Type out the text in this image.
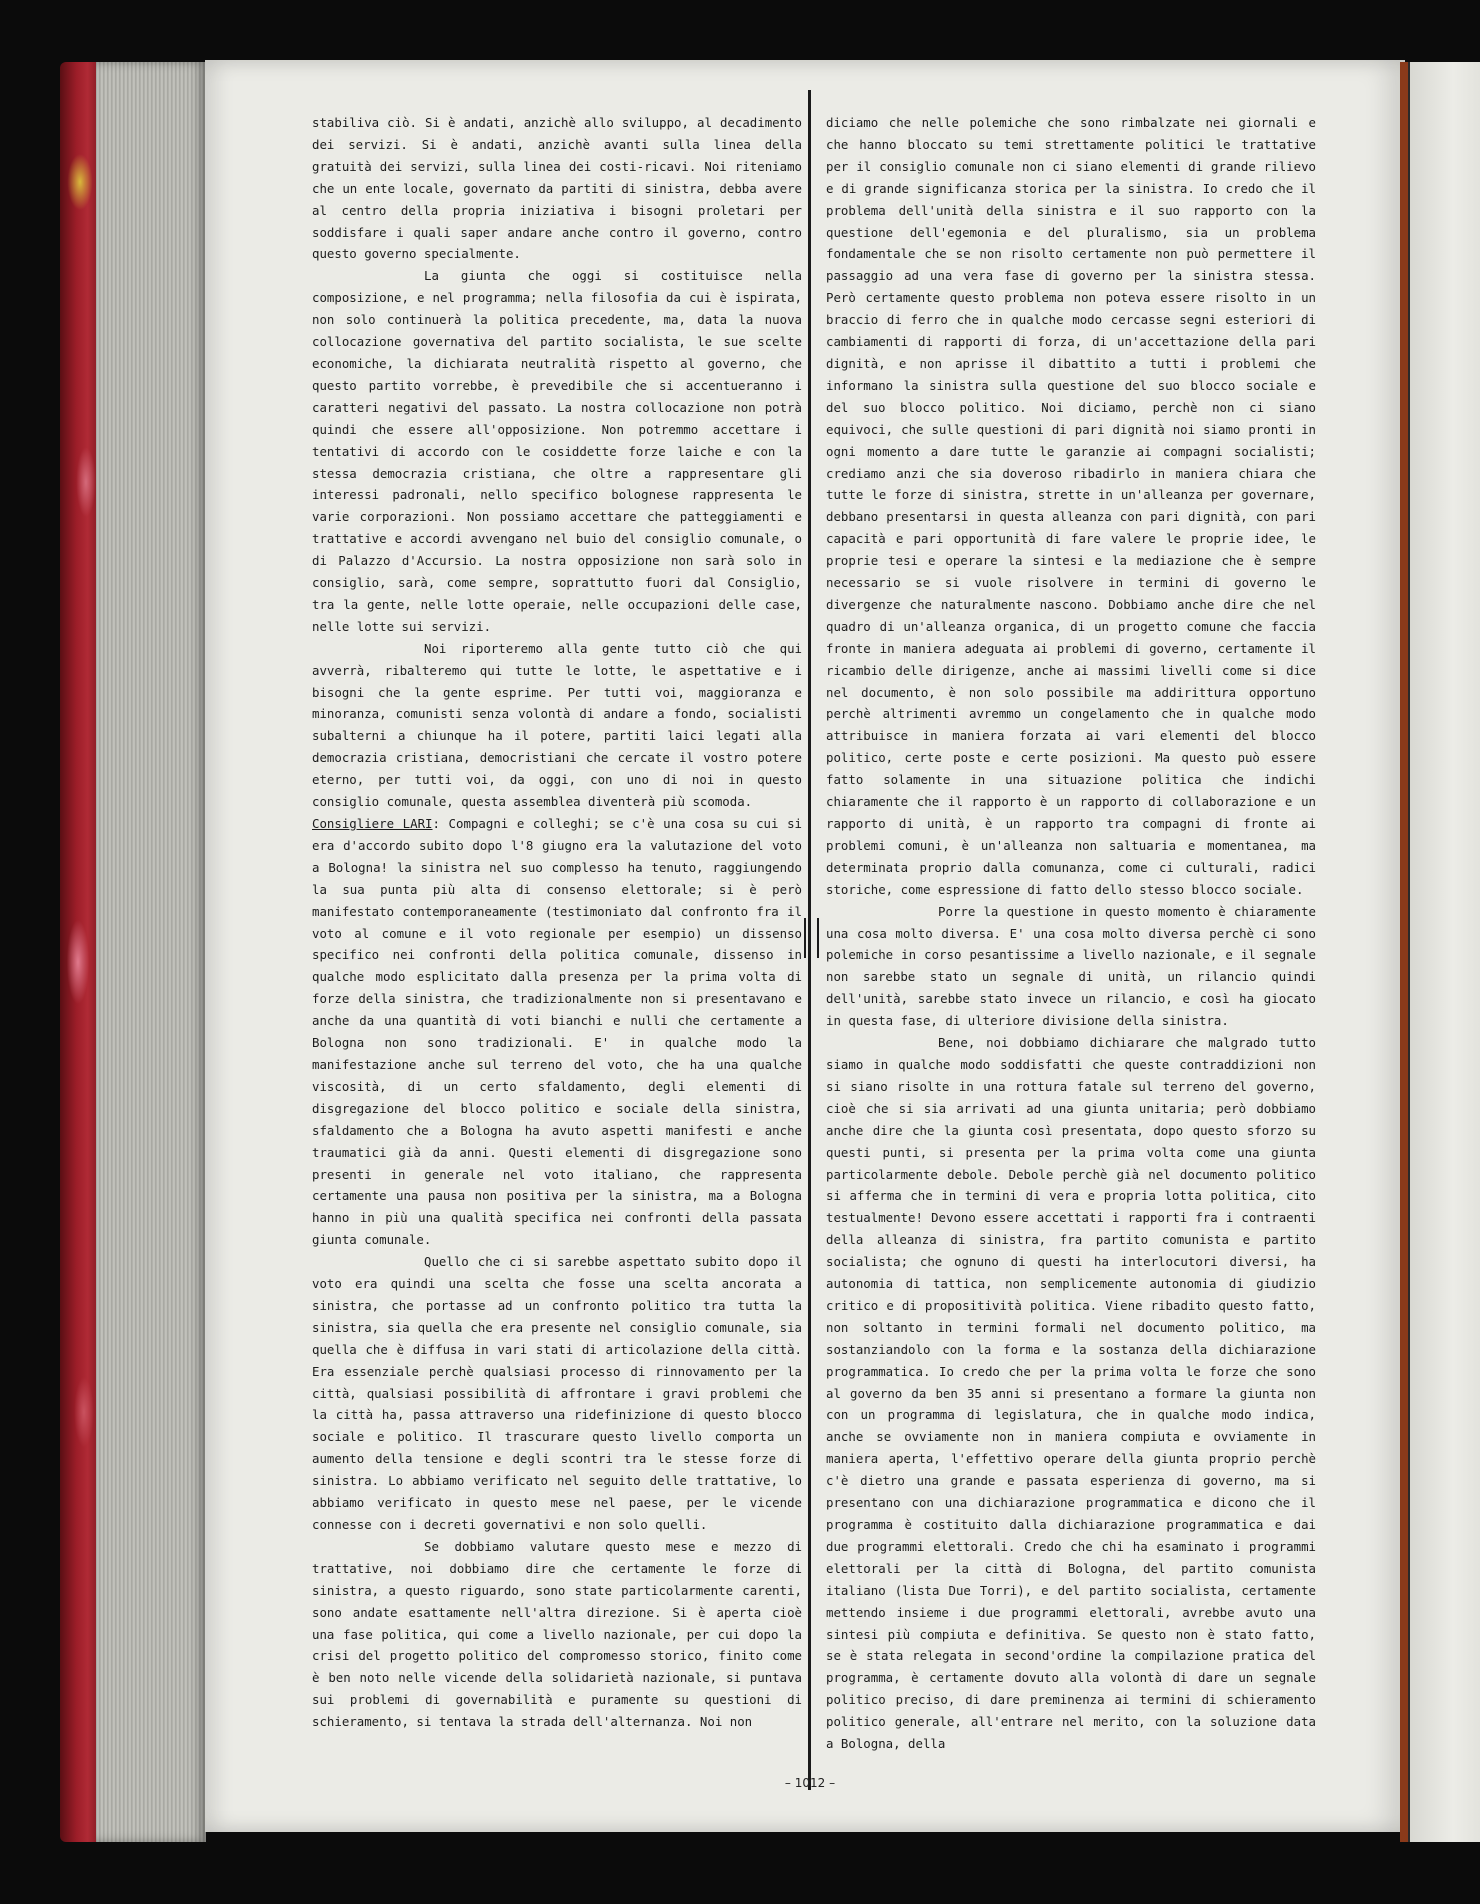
stabiliva ciò. Si è andati, anzichè allo sviluppo, al decadimento dei servizi. Si è andati, anzichè avanti sulla linea della gratuità dei servizi, sulla linea dei costi-ricavi. Noi riteniamo che un ente locale, governato da partiti di sinistra, debba avere al centro della propria iniziativa i bisogni proletari per soddisfare i quali saper andare anche contro il governo, contro questo governo specialmente.

La giunta che oggi si costituisce nella composizione, e nel programma; nella filosofia da cui è ispirata, non solo continuerà la politica precedente, ma, data la nuova collocazione governativa del partito socialista, le sue scelte economiche, la dichiarata neutralità rispetto al governo, che questo partito vorrebbe, è prevedibile che si accentueranno i caratteri negativi del passato. La nostra collocazione non potrà quindi che essere all'opposizione. Non potremmo accettare i tentativi di accordo con le cosiddette forze laiche e con la stessa democrazia cristiana, che oltre a rappresentare gli interessi padronali, nello specifico bolognese rappresenta le varie corporazioni. Non possiamo accettare che patteggiamenti e trattative e accordi avvengano nel buio del consiglio comunale, o di Palazzo d'Accursio. La nostra opposizione non sarà solo in consiglio, sarà, come sempre, soprattutto fuori dal Consiglio, tra la gente, nelle lotte operaie, nelle occupazioni delle case, nelle lotte sui servizi.

Noi riporteremo alla gente tutto ciò che qui avverrà, ribalteremo qui tutte le lotte, le aspettative e i bisogni che la gente esprime. Per tutti voi, maggioranza e minoranza, comunisti senza volontà di andare a fondo, socialisti subalterni a chiunque ha il potere, partiti laici legati alla democrazia cristiana, democristiani che cercate il vostro potere eterno, per tutti voi, da oggi, con uno di noi in questo consiglio comunale, questa assemblea diventerà più scomoda.

Consigliere LARI: Compagni e colleghi; se c'è una cosa su cui si era d'accordo subito dopo l'8 giugno era la valutazione del voto a Bologna! la sinistra nel suo complesso ha tenuto, raggiungendo la sua punta più alta di consenso elettorale; si è però manifestato contemporaneamente (testimoniato dal confronto fra il voto al comune e il voto regionale per esempio) un dissenso specifico nei confronti della politica comunale, dissenso in qualche modo esplicitato dalla presenza per la prima volta di forze della sinistra, che tradizionalmente non si presentavano e anche da una quantità di voti bianchi e nulli che certamente a Bologna non sono tradizionali. E' in qualche modo la manifestazione anche sul terreno del voto, che ha una qualche viscosità, di un certo sfaldamento, degli elementi di disgregazione del blocco politico e sociale della sinistra, sfaldamento che a Bologna ha avuto aspetti manifesti e anche traumatici già da anni. Questi elementi di disgregazione sono presenti in generale nel voto italiano, che rappresenta certamente una pausa non positiva per la sinistra, ma a Bologna hanno in più una qualità specifica nei confronti della passata giunta comunale.

Quello che ci si sarebbe aspettato subito dopo il voto era quindi una scelta che fosse una scelta ancorata a sinistra, che portasse ad un confronto politico tra tutta la sinistra, sia quella che era presente nel consiglio comunale, sia quella che è diffusa in vari stati di articolazione della città. Era essenziale perchè qualsiasi processo di rinnovamento per la città, qualsiasi possibilità di affrontare i gravi problemi che la città ha, passa attraverso una ridefinizione di questo blocco sociale e politico. Il trascurare questo livello comporta un aumento della tensione e degli scontri tra le stesse forze di sinistra. Lo abbiamo verificato nel seguito delle trattative, lo abbiamo verificato in questo mese nel paese, per le vicende connesse con i decreti governativi e non solo quelli.

Se dobbiamo valutare questo mese e mezzo di trattative, noi dobbiamo dire che certamente le forze di sinistra, a questo riguardo, sono state particolarmente carenti, sono andate esattamente nell'altra direzione. Si è aperta cioè una fase politica, qui come a livello nazionale, per cui dopo la crisi del progetto politico del compromesso storico, finito come è ben noto nelle vicende della solidarietà nazionale, si puntava sui problemi di governabilità e puramente su questioni di schieramento, si tentava la strada dell'alternanza. Noi non

diciamo che nelle polemiche che sono rimbalzate nei giornali e che hanno bloccato su temi strettamente politici le trattative per il consiglio comunale non ci siano elementi di grande rilievo e di grande significanza storica per la sinistra. Io credo che il problema dell'unità della sinistra e il suo rapporto con la questione dell'egemonia e del pluralismo, sia un problema fondamentale che se non risolto certamente non può permettere il passaggio ad una vera fase di governo per la sinistra stessa. Però certamente questo problema non poteva essere risolto in un braccio di ferro che in qualche modo cercasse segni esteriori di cambiamenti di rapporti di forza, di un'accettazione della pari dignità, e non aprisse il dibattito a tutti i problemi che informano la sinistra sulla questione del suo blocco sociale e del suo blocco politico. Noi diciamo, perchè non ci siano equivoci, che sulle questioni di pari dignità noi siamo pronti in ogni momento a dare tutte le garanzie ai compagni socialisti; crediamo anzi che sia doveroso ribadirlo in maniera chiara che tutte le forze di sinistra, strette in un'alleanza per governare, debbano presentarsi in questa alleanza con pari dignità, con pari capacità e pari opportunità di fare valere le proprie idee, le proprie tesi e operare la sintesi e la mediazione che è sempre necessario se si vuole risolvere in termini di governo le divergenze che naturalmente nascono. Dobbiamo anche dire che nel quadro di un'alleanza organica, di un progetto comune che faccia fronte in maniera adeguata ai problemi di governo, certamente il ricambio delle dirigenze, anche ai massimi livelli come si dice nel documento, è non solo possibile ma addirittura opportuno perchè altrimenti avremmo un congelamento che in qualche modo attribuisce in maniera forzata ai vari elementi del blocco politico, certe poste e certe posizioni. Ma questo può essere fatto solamente in una situazione politica che indichi chiaramente che il rapporto è un rapporto di collaborazione e un rapporto di unità, è un rapporto tra compagni di fronte ai problemi comuni, è un'alleanza non saltuaria e momentanea, ma determinata proprio dalla comunanza, come ci culturali, radici storiche, come espressione di fatto dello stesso blocco sociale.

Porre la questione in questo momento è chiaramente una cosa molto diversa. E' una cosa molto diversa perchè ci sono polemiche in corso pesantissime a livello nazionale, e il segnale non sarebbe stato un segnale di unità, un rilancio quindi dell'unità, sarebbe stato invece un rilancio, e così ha giocato in questa fase, di ulteriore divisione della sinistra.

Bene, noi dobbiamo dichiarare che malgrado tutto siamo in qualche modo soddisfatti che queste contraddizioni non si siano risolte in una rottura fatale sul terreno del governo, cioè che si sia arrivati ad una giunta unitaria; però dobbiamo anche dire che la giunta così presentata, dopo questo sforzo su questi punti, si presenta per la prima volta come una giunta particolarmente debole. Debole perchè già nel documento politico si afferma che in termini di vera e propria lotta politica, cito testualmente! Devono essere accettati i rapporti fra i contraenti della alleanza di sinistra, fra partito comunista e partito socialista; che ognuno di questi ha interlocutori diversi, ha autonomia di tattica, non semplicemente autonomia di giudizio critico e di propositività politica. Viene ribadito questo fatto, non soltanto in termini formali nel documento politico, ma sostanziandolo con la forma e la sostanza della dichiarazione programmatica. Io credo che per la prima volta le forze che sono al governo da ben 35 anni si presentano a formare la giunta non con un programma di legislatura, che in qualche modo indica, anche se ovviamente non in maniera compiuta e ovviamente in maniera aperta, l'effettivo operare della giunta proprio perchè c'è dietro una grande e passata esperienza di governo, ma si presentano con una dichiarazione programmatica e dicono che il programma è costituito dalla dichiarazione programmatica e dai due programmi elettorali. Credo che chi ha esaminato i programmi elettorali per la città di Bologna, del partito comunista italiano (lista Due Torri), e del partito socialista, certamente mettendo insieme i due programmi elettorali, avrebbe avuto una sintesi più compiuta e definitiva. Se questo non è stato fatto, se è stata relegata in second'ordine la compilazione pratica del programma, è certamente dovuto alla volontà di dare un segnale politico preciso, di dare preminenza ai termini di schieramento politico generale, all'entrare nel merito, con la soluzione data a Bologna, della

– 1012 –
